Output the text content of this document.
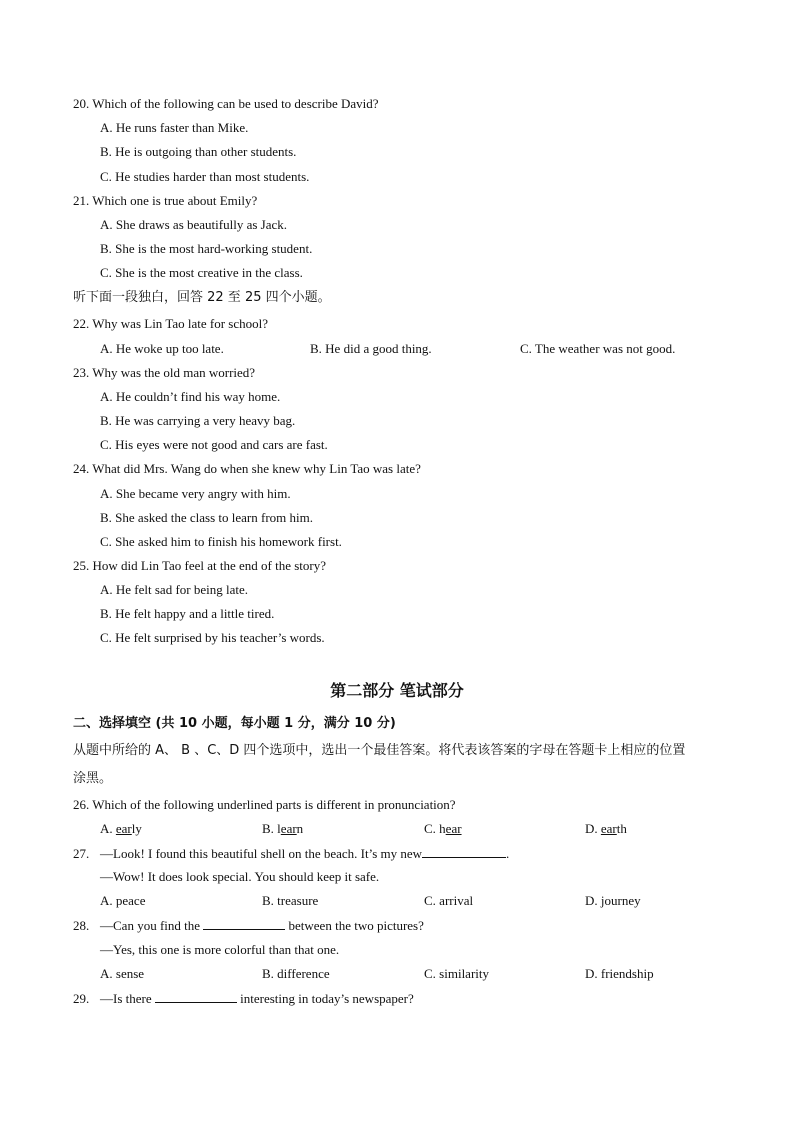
20. Which of the following can be used to describe David?
A. He runs faster than Mike.
B. He is outgoing than other students.
C. He studies harder than most students.
21. Which one is true about Emily?
A. She draws as beautifully as Jack.
B. She is the most hard-working student.
C. She is the most creative in the class.
听下面一段独白，回答 22 至 25 四个小题。
22. Why was Lin Tao late for school?
A. He woke up too late.	B. He did a good thing.	C. The weather was not good.
23. Why was the old man worried?
A. He couldn’t find his way home.
B. He was carrying a very heavy bag.
C. His eyes were not good and cars are fast.
24. What did Mrs. Wang do when she knew why Lin Tao was late?
A. She became very angry with him.
B. She asked the class to learn from him.
C. She asked him to finish his homework first.
25. How did Lin Tao feel at the end of the story?
A. He felt sad for being late.
B. He felt happy and a little tired.
C. He felt surprised by his teacher’s words.
第二部分 笔试部分
二、选择填空 (共 10 小题，每小题 1 分，满分 10 分)
从题中所给的 A、 B 、C、D 四个选项中，选出一个最佳答案。将代表该答案的字母在答题卡上相应的位置
涂黑。
26. Which of the following underlined parts is different in pronunciation?
A. early	B. learn	C. hear	D. earth
27. —Look! I found this beautiful shell on the beach. It’s my new	.
—Wow! It does look special. You should keep it safe.
A. peace	B. treasure	C. arrival	D. journey
28. —Can you find the	between the two pictures?
—Yes, this one is more colorful than that one.
A. sense	B. difference	C. similarity	D. friendship
29. —Is there	interesting in today’s newspaper?
